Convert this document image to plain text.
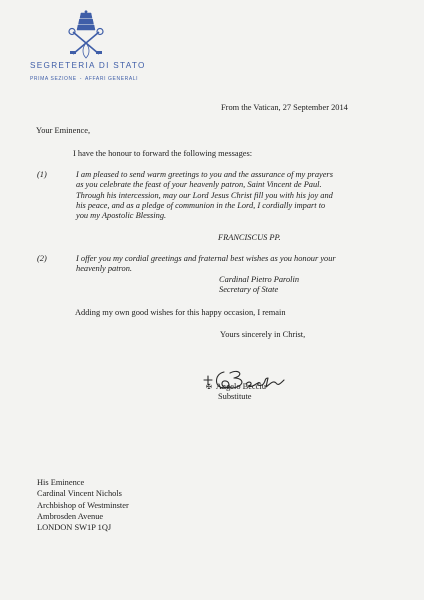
SEGRETERIA DI STATO
PRIMA SEZIONE - AFFARI GENERALI
From the Vatican, 27 September 2014
Your Eminence,
I have the honour to forward the following messages:
(1)	I am pleased to send warm greetings to you and the assurance of my prayers
as you celebrate the feast of your heavenly patron, Saint Vincent de Paul.
Through his intercession, may our Lord Jesus Christ fill you with his joy and
his peace, and as a pledge of communion in the Lord, I cordially impart to
you my Apostolic Blessing.
FRANCISCUS PP.
(2)	I offer you my cordial greetings and fraternal best wishes as you honour your
heavenly patron.
Cardinal Pietro Parolin
Secretary of State
Adding my own good wishes for this happy occasion, I remain
Yours sincerely in Christ,
✠ Angelo Becciu
Substitute
His Eminence
Cardinal Vincent Nichols
Archbishop of Westminster
Ambrosden Avenue
LONDON SW1P 1QJ
